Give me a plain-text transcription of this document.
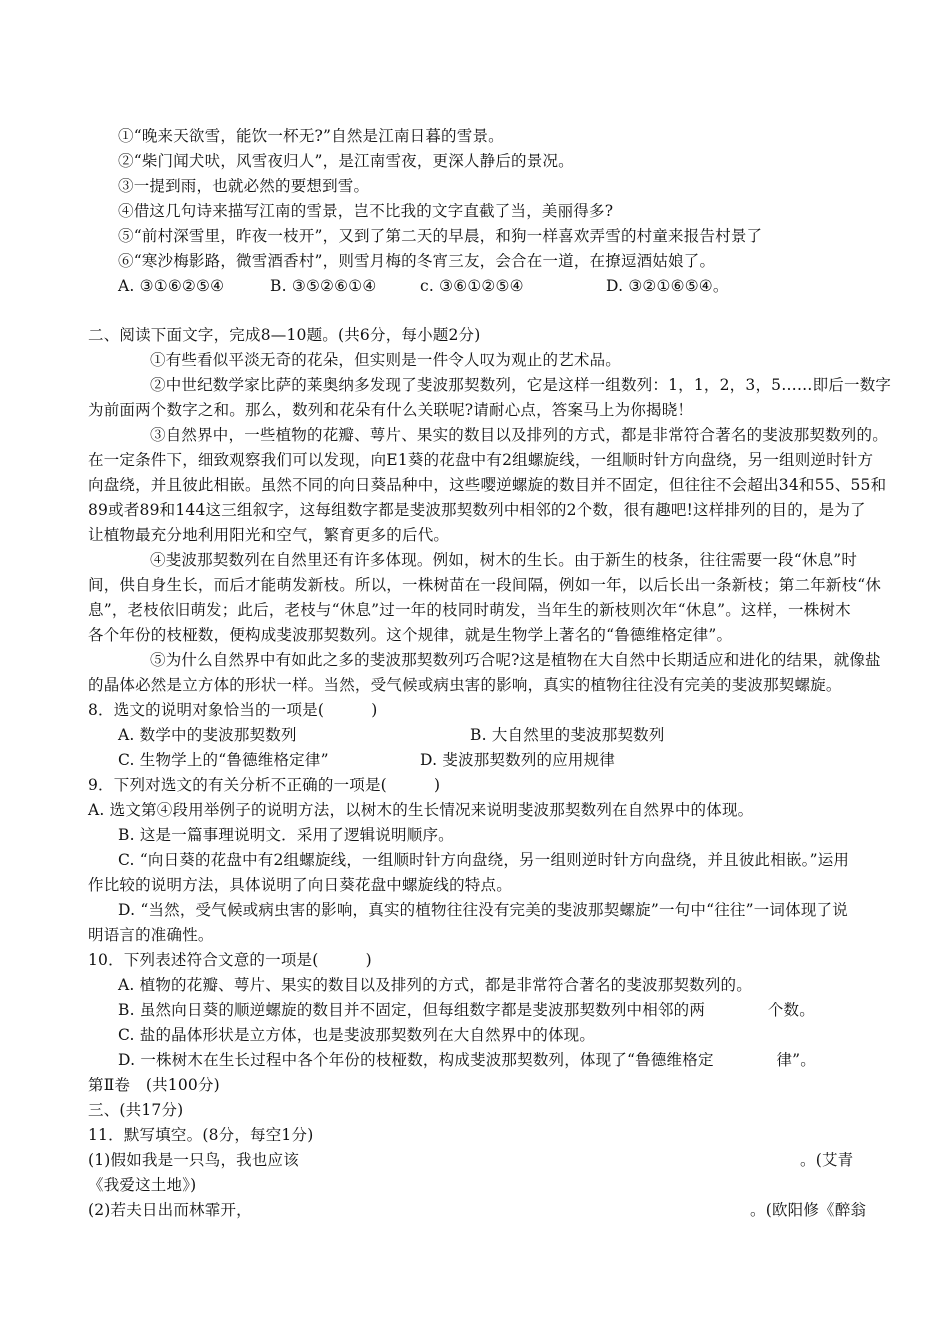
①“晚来天欲雪，能饮一杯无?”自然是江南日暮的雪景。
②“柴门闻犬吠，风雪夜归人”，是江南雪夜，更深人静后的景况。
③一提到雨，也就必然的要想到雪。
④借这几句诗来描写江南的雪景，岂不比我的文字直截了当，美丽得多?
⑤“前村深雪里，昨夜一枝开”，又到了第二天的早晨，和狗一样喜欢弄雪的村童来报告村景了
⑥“寒沙梅影路，微雪酒香村”，则雪月梅的冬宵三友，会合在一道，在撩逗酒姑娘了。
A. ③①⑥②⑤④	B. ③⑤②⑥①④	c. ③⑥①②⑤④	D. ③②①⑥⑤④。
二、阅读下面文字，完成8—10题。(共6分，每小题2分)
①有些看似平淡无奇的花朵，但实则是一件令人叹为观止的艺术品。
②中世纪数学家比萨的莱奥纳多发现了斐波那契数列，它是这样一组数列：1，1，2，3，5……即后一数字
为前面两个数字之和。那么，数列和花朵有什么关联呢?请耐心点，答案马上为你揭晓！
③自然界中，一些植物的花瓣、萼片、果实的数目以及排列的方式，都是非常符合著名的斐波那契数列的。
在一定条件下，细致观察我们可以发现，向E1葵的花盘中有2组螺旋线，一组顺时针方向盘绕，另一组则逆时针方
向盘绕，并且彼此相嵌。虽然不同的向日葵品种中，这些嘤逆螺旋的数目并不固定，但往往不会超出34和55、55和
89或者89和144这三组叙字，这每组数字都是斐波那契数列中相邻的2个数，很有趣吧!这样排列的目的，是为了
让植物最充分地利用阳光和空气，繁育更多的后代。
④斐波那契数列在自然里还有许多体现。例如，树木的生长。由于新生的枝条，往往需要一段“休息”时
间，供自身生长，而后才能萌发新枝。所以，一株树苗在一段间隔，例如一年，以后长出一条新枝；第二年新枝“休
息”，老枝依旧萌发；此后，老枝与“休息”过一年的枝同时萌发，当年生的新枝则次年“休息”。这样，一株树木
各个年份的枝桠数，便构成斐波那契数列。这个规律，就是生物学上著名的“鲁德维格定律”。
⑤为什么自然界中有如此之多的斐波那契数列巧合呢?这是植物在大自然中长期适应和进化的结果，就像盐
的晶体必然是立方体的形状一样。当然，受气候或病虫害的影响，真实的植物往往没有完美的斐波那契螺旋。
8．选文的说明对象恰当的一项是(　　　)
A. 数学中的斐波那契数列	B. 大自然里的斐波那契数列
C. 生物学上的“鲁德维格定律”	D. 斐波那契数列的应用规律
9．下列对选文的有关分析不正确的一项是(　　　)
A. 选文第④段用举例子的说明方法，以树木的生长情况来说明斐波那契数列在自然界中的体现。
B. 这是一篇事理说明文．采用了逻辑说明顺序。
C. “向日葵的花盘中有2组螺旋线，一组顺时针方向盘绕，另一组则逆时针方向盘绕，并且彼此相嵌。”运用
作比较的说明方法，具体说明了向日葵花盘中螺旋线的特点。
D. “当然，受气候或病虫害的影响，真实的植物往往没有完美的斐波那契螺旋”一句中“往往”一词体现了说
明语言的准确性。
10．下列表述符合文意的一项是(　　　)
A. 植物的花瓣、萼片、果实的数目以及排列的方式，都是非常符合著名的斐波那契数列的。
B. 虽然向日葵的顺逆螺旋的数目并不固定，但每组数字都是斐波那契数列中相邻的两　　　　个数。
C. 盐的晶体形状是立方体，也是斐波那契数列在大自然界中的体现。
D. 一株树木在生长过程中各个年份的枝桠数，构成斐波那契数列，体现了“鲁德维格定　　　　律”。
第Ⅱ卷　(共100分)
三、(共17分)
11．默写填空。(8分，每空1分)
(1)假如我是一只鸟，我也应该	。(艾青
《我爱这土地》)
(2)若夫日出而林霏开，	。(欧阳修《醉翁
